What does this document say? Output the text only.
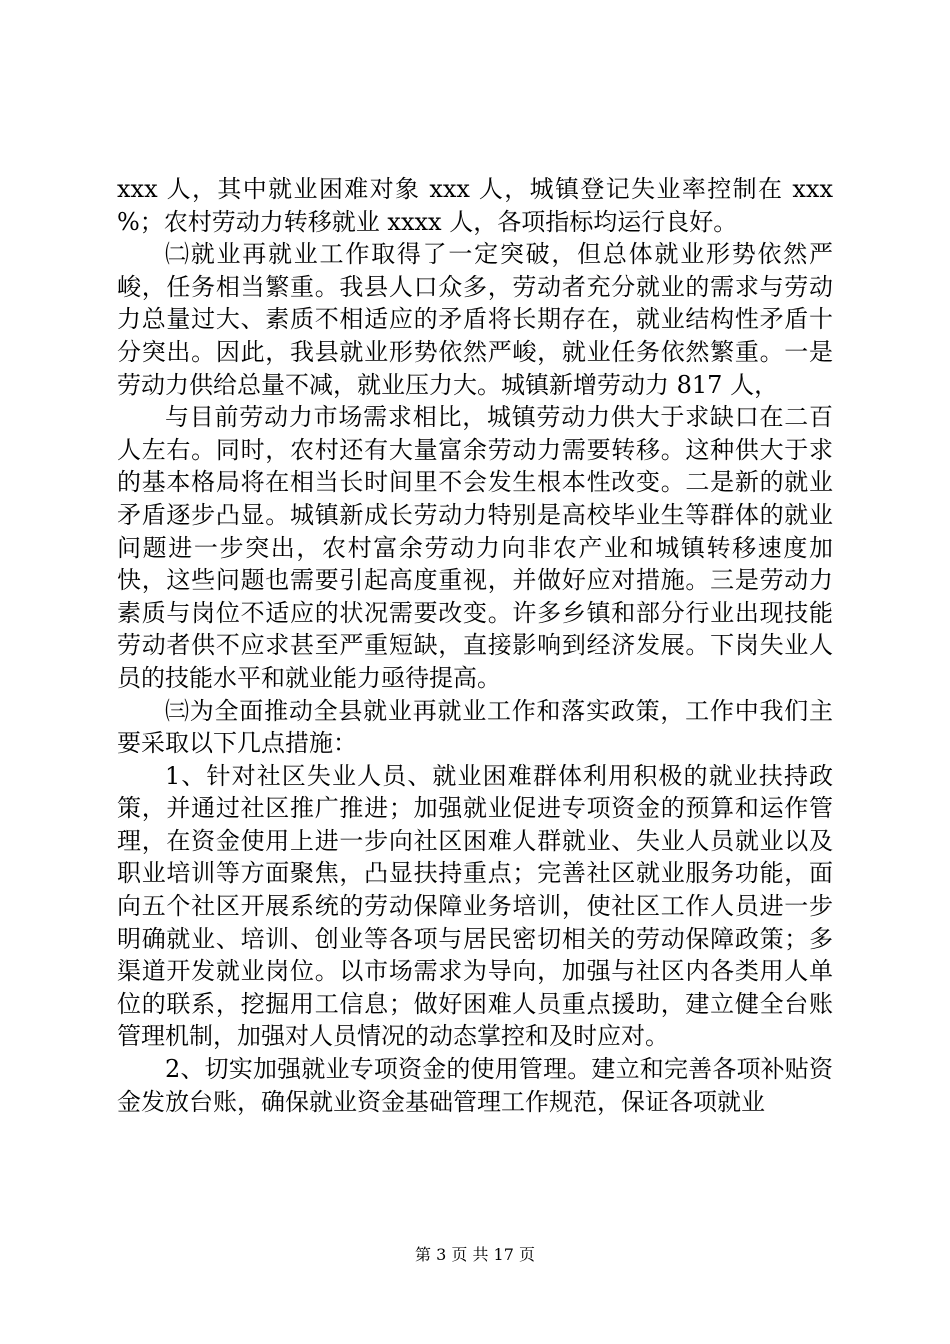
xxx 人，其中就业困难对象 xxx 人，城镇登记失业率控制在 xxx %；农村劳动力转移就业 xxxx 人，各项指标均运行良好。

㈡就业再就业工作取得了一定突破，但总体就业形势依然严峻，任务相当繁重。我县人口众多，劳动者充分就业的需求与劳动力总量过大、素质不相适应的矛盾将长期存在，就业结构性矛盾十分突出。因此，我县就业形势依然严峻，就业任务依然繁重。一是劳动力供给总量不减，就业压力大。城镇新增劳动力 817 人，

与目前劳动力市场需求相比，城镇劳动力供大于求缺口在二百人左右。同时，农村还有大量富余劳动力需要转移。这种供大于求的基本格局将在相当长时间里不会发生根本性改变。二是新的就业矛盾逐步凸显。城镇新成长劳动力特别是高校毕业生等群体的就业问题进一步突出，农村富余劳动力向非农产业和城镇转移速度加快，这些问题也需要引起高度重视，并做好应对措施。三是劳动力素质与岗位不适应的状况需要改变。许多乡镇和部分行业出现技能劳动者供不应求甚至严重短缺，直接影响到经济发展。下岗失业人员的技能水平和就业能力亟待提高。

㈢为全面推动全县就业再就业工作和落实政策，工作中我们主要采取以下几点措施：

1、针对社区失业人员、就业困难群体利用积极的就业扶持政策，并通过社区推广推进；加强就业促进专项资金的预算和运作管理，在资金使用上进一步向社区困难人群就业、失业人员就业以及职业培训等方面聚焦，凸显扶持重点；完善社区就业服务功能，面向五个社区开展系统的劳动保障业务培训，使社区工作人员进一步明确就业、培训、创业等各项与居民密切相关的劳动保障政策；多渠道开发就业岗位。以市场需求为导向，加强与社区内各类用人单位的联系，挖掘用工信息；做好困难人员重点援助，建立健全台账管理机制，加强对人员情况的动态掌控和及时应对。

2、切实加强就业专项资金的使用管理。建立和完善各项补贴资金发放台账，确保就业资金基础管理工作规范，保证各项就业

第 3 页 共 17 页
